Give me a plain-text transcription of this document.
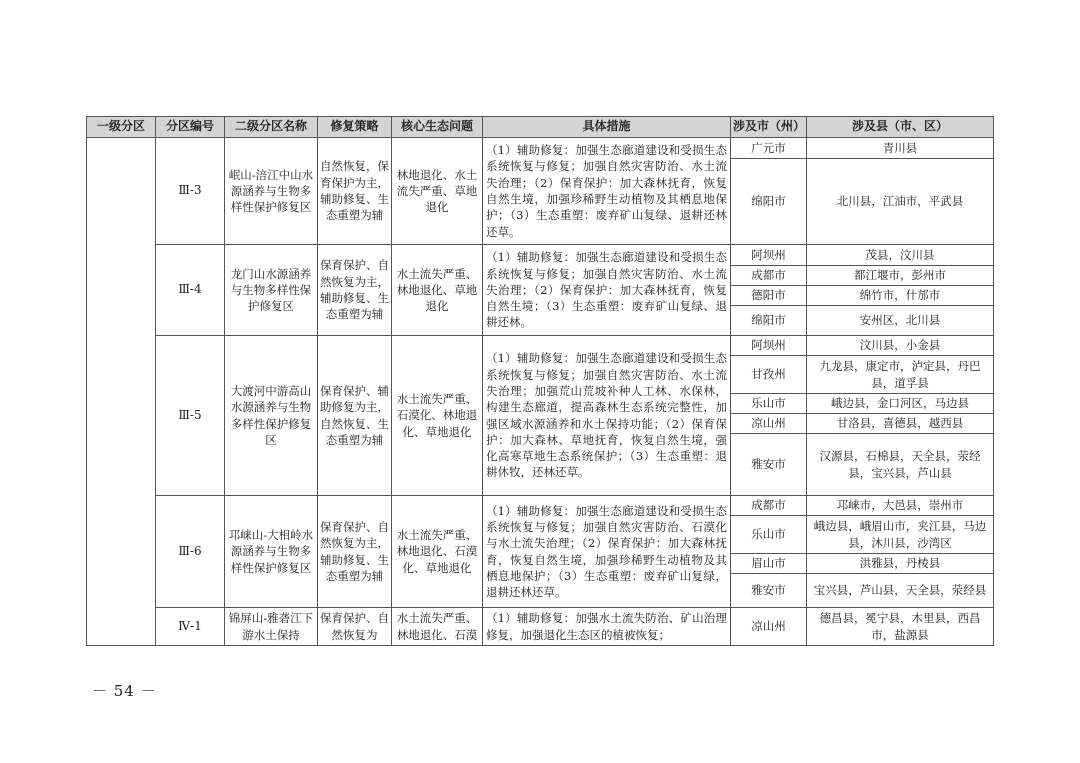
一级分区	分区编号	二级分区名称	修复策略	核心生态问题	具体措施	涉及市（州）	涉及县（市、区）
	Ⅲ-3	岷山-涪江中山水源涵养与生物多样性保护修复区	自然恢复，保育保护为主，辅助修复、生态重塑为辅	林地退化、水土流失严重、草地退化	（1）辅助修复：加强生态廊道建设和受损生态系统恢复与修复；加强自然灾害防治、水土流失治理；（2）保育保护：加大森林抚育，恢复自然生境，加强珍稀野生动植物及其栖息地保护；（3）生态重塑：废弃矿山复绿、退耕还林还草。	广元市	青川县
						绵阳市	北川县，江油市，平武县
	Ⅲ-4	龙门山水源涵养与生物多样性保护修复区	保育保护、自然恢复为主，辅助修复、生态重塑为辅	水土流失严重、林地退化、草地退化	（1）辅助修复：加强生态廊道建设和受损生态系统恢复与修复；加强自然灾害防治、水土流失治理；（2）保育保护：加大森林抚育，恢复自然生境；（3）生态重塑：废弃矿山复绿、退耕还林。	阿坝州	茂县，汶川县
						成都市	都江堰市，彭州市
						德阳市	绵竹市，什邡市
						绵阳市	安州区，北川县
	Ⅲ-5	大渡河中游高山水源涵养与生物多样性保护修复区	保育保护、辅助修复为主，自然恢复、生态重塑为辅	水土流失严重、石漠化、林地退化、草地退化	（1）辅助修复：加强生态廊道建设和受损生态系统恢复与修复；加强自然灾害防治、水土流失治理；加强荒山荒坡补种人工林、水保林，构建生态廊道，提高森林生态系统完整性，加强区域水源涵养和水土保持功能；（2）保育保护：加大森林、草地抚育，恢复自然生境，强化高寒草地生态系统保护；（3）生态重塑：退耕休牧，还林还草。	阿坝州	汶川县，小金县
						甘孜州	九龙县，康定市，泸定县，丹巴县，道孚县
						乐山市	峨边县，金口河区，马边县
						凉山州	甘洛县，喜德县，越西县
						雅安市	汉源县，石棉县，天全县，荥经县，宝兴县，芦山县
	Ⅲ-6	邛崃山-大相岭水源涵养与生物多样性保护修复区	保育保护、自然恢复为主，辅助修复、生态重塑为辅	水土流失严重、林地退化、石漠化、草地退化	（1）辅助修复：加强生态廊道建设和受损生态系统恢复与修复；加强自然灾害防治、石漠化与水土流失治理；（2）保育保护：加大森林抚育，恢复自然生境，加强珍稀野生动植物及其栖息地保护；（3）生态重塑：废弃矿山复绿，退耕还林还草。	成都市	邛崃市，大邑县，崇州市
						乐山市	峨边县，峨眉山市，夹江县，马边县，沐川县，沙湾区
						眉山市	洪雅县，丹棱县
						雅安市	宝兴县，芦山县，天全县，荥经县
	Ⅳ-1	锦屏山-雅砻江下游水土保持	保育保护、自然恢复为	水土流失严重、林地退化、石漠	（1）辅助修复：加强水土流失防治、矿山治理修复，加强退化生态区的植被恢复；	凉山州	德昌县，冕宁县，木里县，西昌市，盐源县
－ 54 －
